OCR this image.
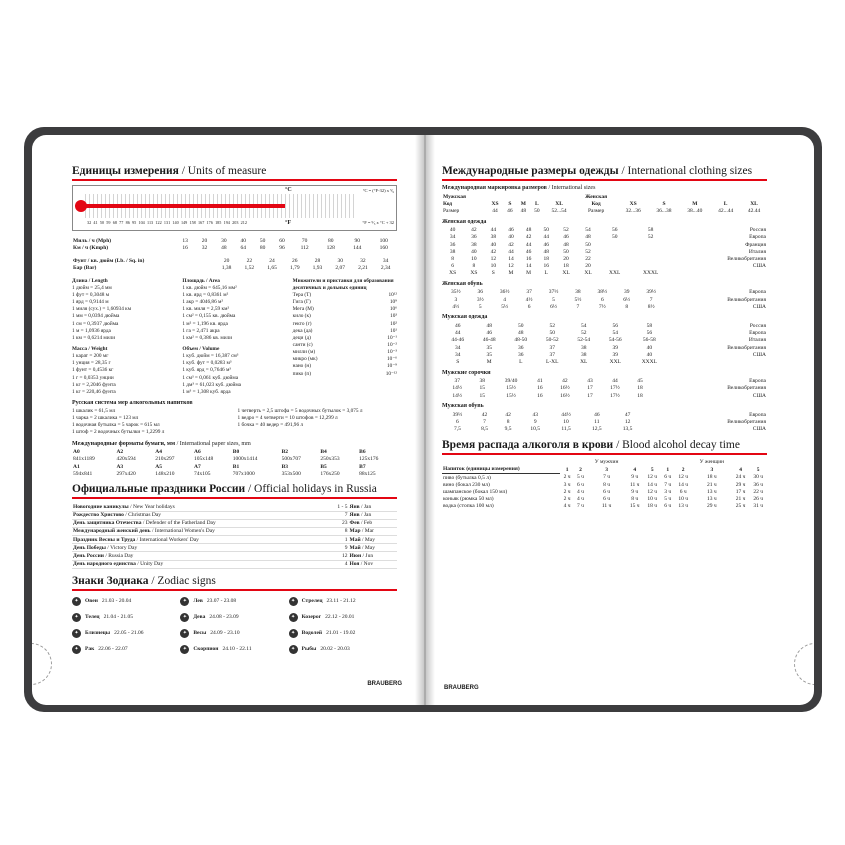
Единицы измерения / Units of measure
°C
°F
°C = (°F-32) x ⁵⁄₉
°F = ⁹⁄₅ x °C + 32
32 41 50 59 68 77 86 95 104 113 122 131 140 149 158 167 176 185 194 203 212
Миль / ч (Mph)	13	20	30	40	50	60	70	80	90	100
Км / ч (Kmph)	16	32	48	64	80	96	112	128	144	160
Фунт / кв. дюйм (Lb. / Sq. in)	20	22	24	26	28	30	32	34
Бар (Bar)	1,38	1,52	1,65	1,79	1,93	2,07	2,21	2,34

Длина / Length

1 дюйм = 25,4 мм

1 фут = 0,3048 м

1 ярд = 0,9144 м

1 миля (сух.) = 1,60934 км

1 мм = 0,0394 дюйма

1 см = 0,3937 дюйма

1 м = 1,0936 ярда

1 км = 0,6214 мили

Масса / Weight

1 карат = 200 мг

1 унция = 28,35 г

1 фунт = 0,4536 кг

1 г = 0,0353 унции

1 кг = 2,2046 фунта

1 кг = 220,46 фунта

Площадь / Area

1 кв. дюйм = 645,16 мм²

1 кв. ярд = 0,8361 м²

1 акр = 4046,86 м²

1 кв. миля = 2,59 км²

1 см² = 0,155 кв. дюйма

1 м² = 1,196 кв. ярда

1 га = 2,471 акра

1 км² = 0,386 кв. мили

Объем / Volume

1 куб. дюйм = 16,387 см³

1 куб. фут = 0,0283 м³

1 куб. ярд = 0,7646 м³

1 см³ = 0,061 куб. дюйма

1 дм³ = 61,023 куб. дюйма

1 м³ = 1,308 куб. ярда

Множители и приставки для образования десятичных и дольных единиц

Тера (T)	10¹²

Гига (Г)	10⁹

Мега (M)	10⁶

кило (к)	10³

гекто (г)	10²

дека (да)	10¹

деци (д)	10⁻¹

санти (с)	10⁻²

милли (м)	10⁻³

микро (мк)	10⁻⁶

нано (н)	10⁻⁹

пико (п)	10⁻¹²

Русская система мер алкогольных напитков

1 шкалик = 61,5 мл

1 чарка = 2 шкалика = 123 мл

1 водочная бутылка = 5 чарок = 615 мл

1 штоф = 2 водочных бутылки = 1,2299 л

1 четверть = 2,5 штофа = 5 водочных бутылок = 3,075 л

1 ведро = 4 четверти = 10 штофов = 12,299 л

1 бочка = 40 ведер = 491,96 л

Международные форматы бумаги, мм / International paper sizes, mm
A0	A2	A4	A6	B0	B2	B4	B6
841x1189	420x594	210x297	105x148	1000x1414	500x707	250x353	125x176
A1	A3	A5	A7	B1	B3	B5	B7
594x841	297x420	148x210	74x105	707x1000	353x500	176x250	88x125
Официальные праздники России / Official holidays in Russia
Новогодние каникулы / New Year holidays	1 - 5	Янв / Jan
Рождество Христово / Christmas Day	7	Янв / Jan
День защитника Отечества / Defender of the Fatherland Day	23	Фев / Feb
Международный женский день / International Women's Day	8	Мар / Mar
Праздник Весны и Труда / International Workers' Day	1	Май / May
День Победы / Victory Day	9	Май / May
День России / Russia Day	12	Июн / Jun
День народного единства / Unity Day	4	Ноя / Nov
Знаки Зодиака / Zodiac signs
✦	Овен 21.03 - 20.04	✦	Лев 23.07 - 23.08	✦	Стрелец 23.11 - 21.12
✦	Телец 21.04 - 21.05	✦	Дева 24.08 - 23.09	✦	Козерог 22.12 - 20.01
✦	Близнецы 22.05 - 21.06	✦	Весы 24.09 - 23.10	✦	Водолей 21.01 - 19.02
✦	Рак 22.06 - 22.07	✦	Скорпион 24.10 - 22.11	✦	Рыбы 20.02 - 20.03
BRAUBERG
Международные размеры одежды / International clothing sizes
Международная маркировка размеров / International sizes
Мужская						Женская					
Код	XS	S	M	L	XL	Код	XS	S	M	L	XL
Размер	44	46	48	50	52...54	Размер	32...36	36...38	38...40	42...44	42.44
Женская одежда
40	42	44	46	48	50	52	54	56	58	Россия
34	36	38	40	42	44	46	48	50	52	Европа
36	38	40	42	44	46	48	50			Франция
38	40	42	44	46	48	50	52			Италия
8	10	12	14	16	18	20	22			Великобритания
6	8	10	12	14	16	18	20			США
XS	XS	S	M	M	L	XL	XL	XXL	XXXL	
Женская обувь
35½	36	36½	37	37½	38	38½	39	39½		Европа
3	3½	4	4½	5	5½	6	6½	7		Великобритания
4½	5	5½	6	6½	7	7½	8	8½		США
Мужская одежда
46	48	50	52	54	56	58				Россия
44	46	48	50	52	54	56				Европа
44-46	46-48	48-50	50-52	52-54	54-56	56-58				Италия
34	35	36	37	38	39	40				Великобритания
34	35	36	37	38	39	40				США
S	M	L	L-XL	XL	XXL	XXXL				
Мужские сорочки
37	38	39/40	41	42	43	44	45			Европа
14½	15	15½	16	16½	17	17½	18			Великобритания
14½	15	15½	16	16½	17	17½	18			США
Мужская обувь
39½	42	42	43	44½	46	47				Европа
6	7	8	9	10	11	12				Великобритания
7,5	8,5	9,5	10,5	11,5	12,5	13,5				США
Время распада алкоголя в крови / Blood alcohol decay time
			У мужчин					У женщин		
Напиток (единицы измерения)	1	2	3	4	5	1	2	3	4	5
пиво (бутылка 0,5 л)	2 ч	5 ч	7 ч	9 ч	12 ч	6 ч	12 ч	18 ч	24 ч	30 ч
вино (бокал 230 мл)	3 ч	6 ч	8 ч	11 ч	14 ч	7 ч	14 ч	21 ч	29 ч	36 ч
шампанское (бокал 150 мл)	2 ч	4 ч	6 ч	9 ч	12 ч	3 ч	6 ч	13 ч	17 ч	22 ч
коньяк (рюмка 50 мл)	2 ч	4 ч	6 ч	8 ч	10 ч	5 ч	10 ч	13 ч	21 ч	26 ч
водка (стопка 100 мл)	4 ч	7 ч	11 ч	15 ч	18 ч	6 ч	13 ч	29 ч	25 ч	31 ч
BRAUBERG
